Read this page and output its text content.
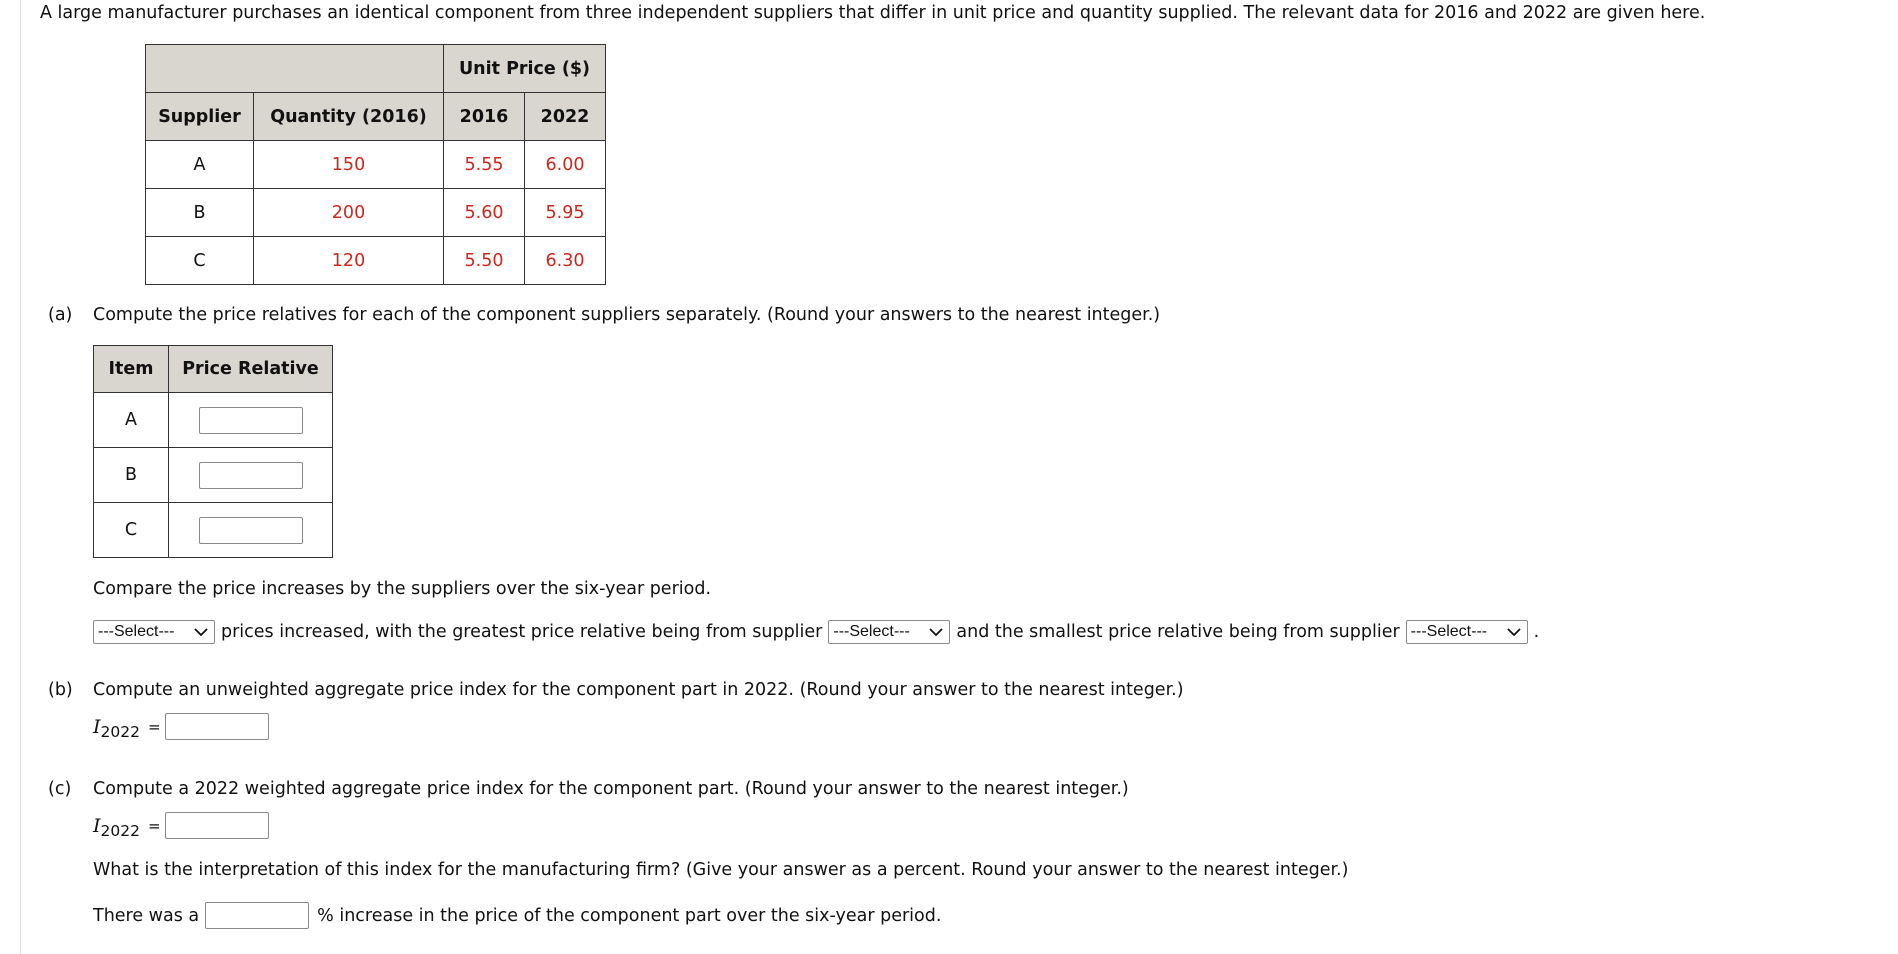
A large manufacturer purchases an identical component from three independent suppliers that differ in unit price and quantity supplied. The relevant data for 2016 and 2022 are given here.
		Unit Price ($)	
Supplier	Quantity (2016)	2016	2022
A	150	5.55	6.00
B	200	5.60	5.95
C	120	5.50	6.30
(a) Compute the price relatives for each of the component suppliers separately. (Round your answers to the nearest integer.)
Item	Price Relative
A	
B	
C	
Compare the price increases by the suppliers over the six-year period.
---Select---	prices increased, with the greatest price relative being from supplier ---Select---	and the smallest price relative being from supplier ---Select---	.
(b) Compute an unweighted aggregate price index for the component part in 2022. (Round your answer to the nearest integer.)
I 2022 =
(c) Compute a 2022 weighted aggregate price index for the component part. (Round your answer to the nearest integer.)
I 2022 =
What is the interpretation of this index for the manufacturing firm? (Give your answer as a percent. Round your answer to the nearest integer.)
There was a	% increase in the price of the component part over the six-year period.
